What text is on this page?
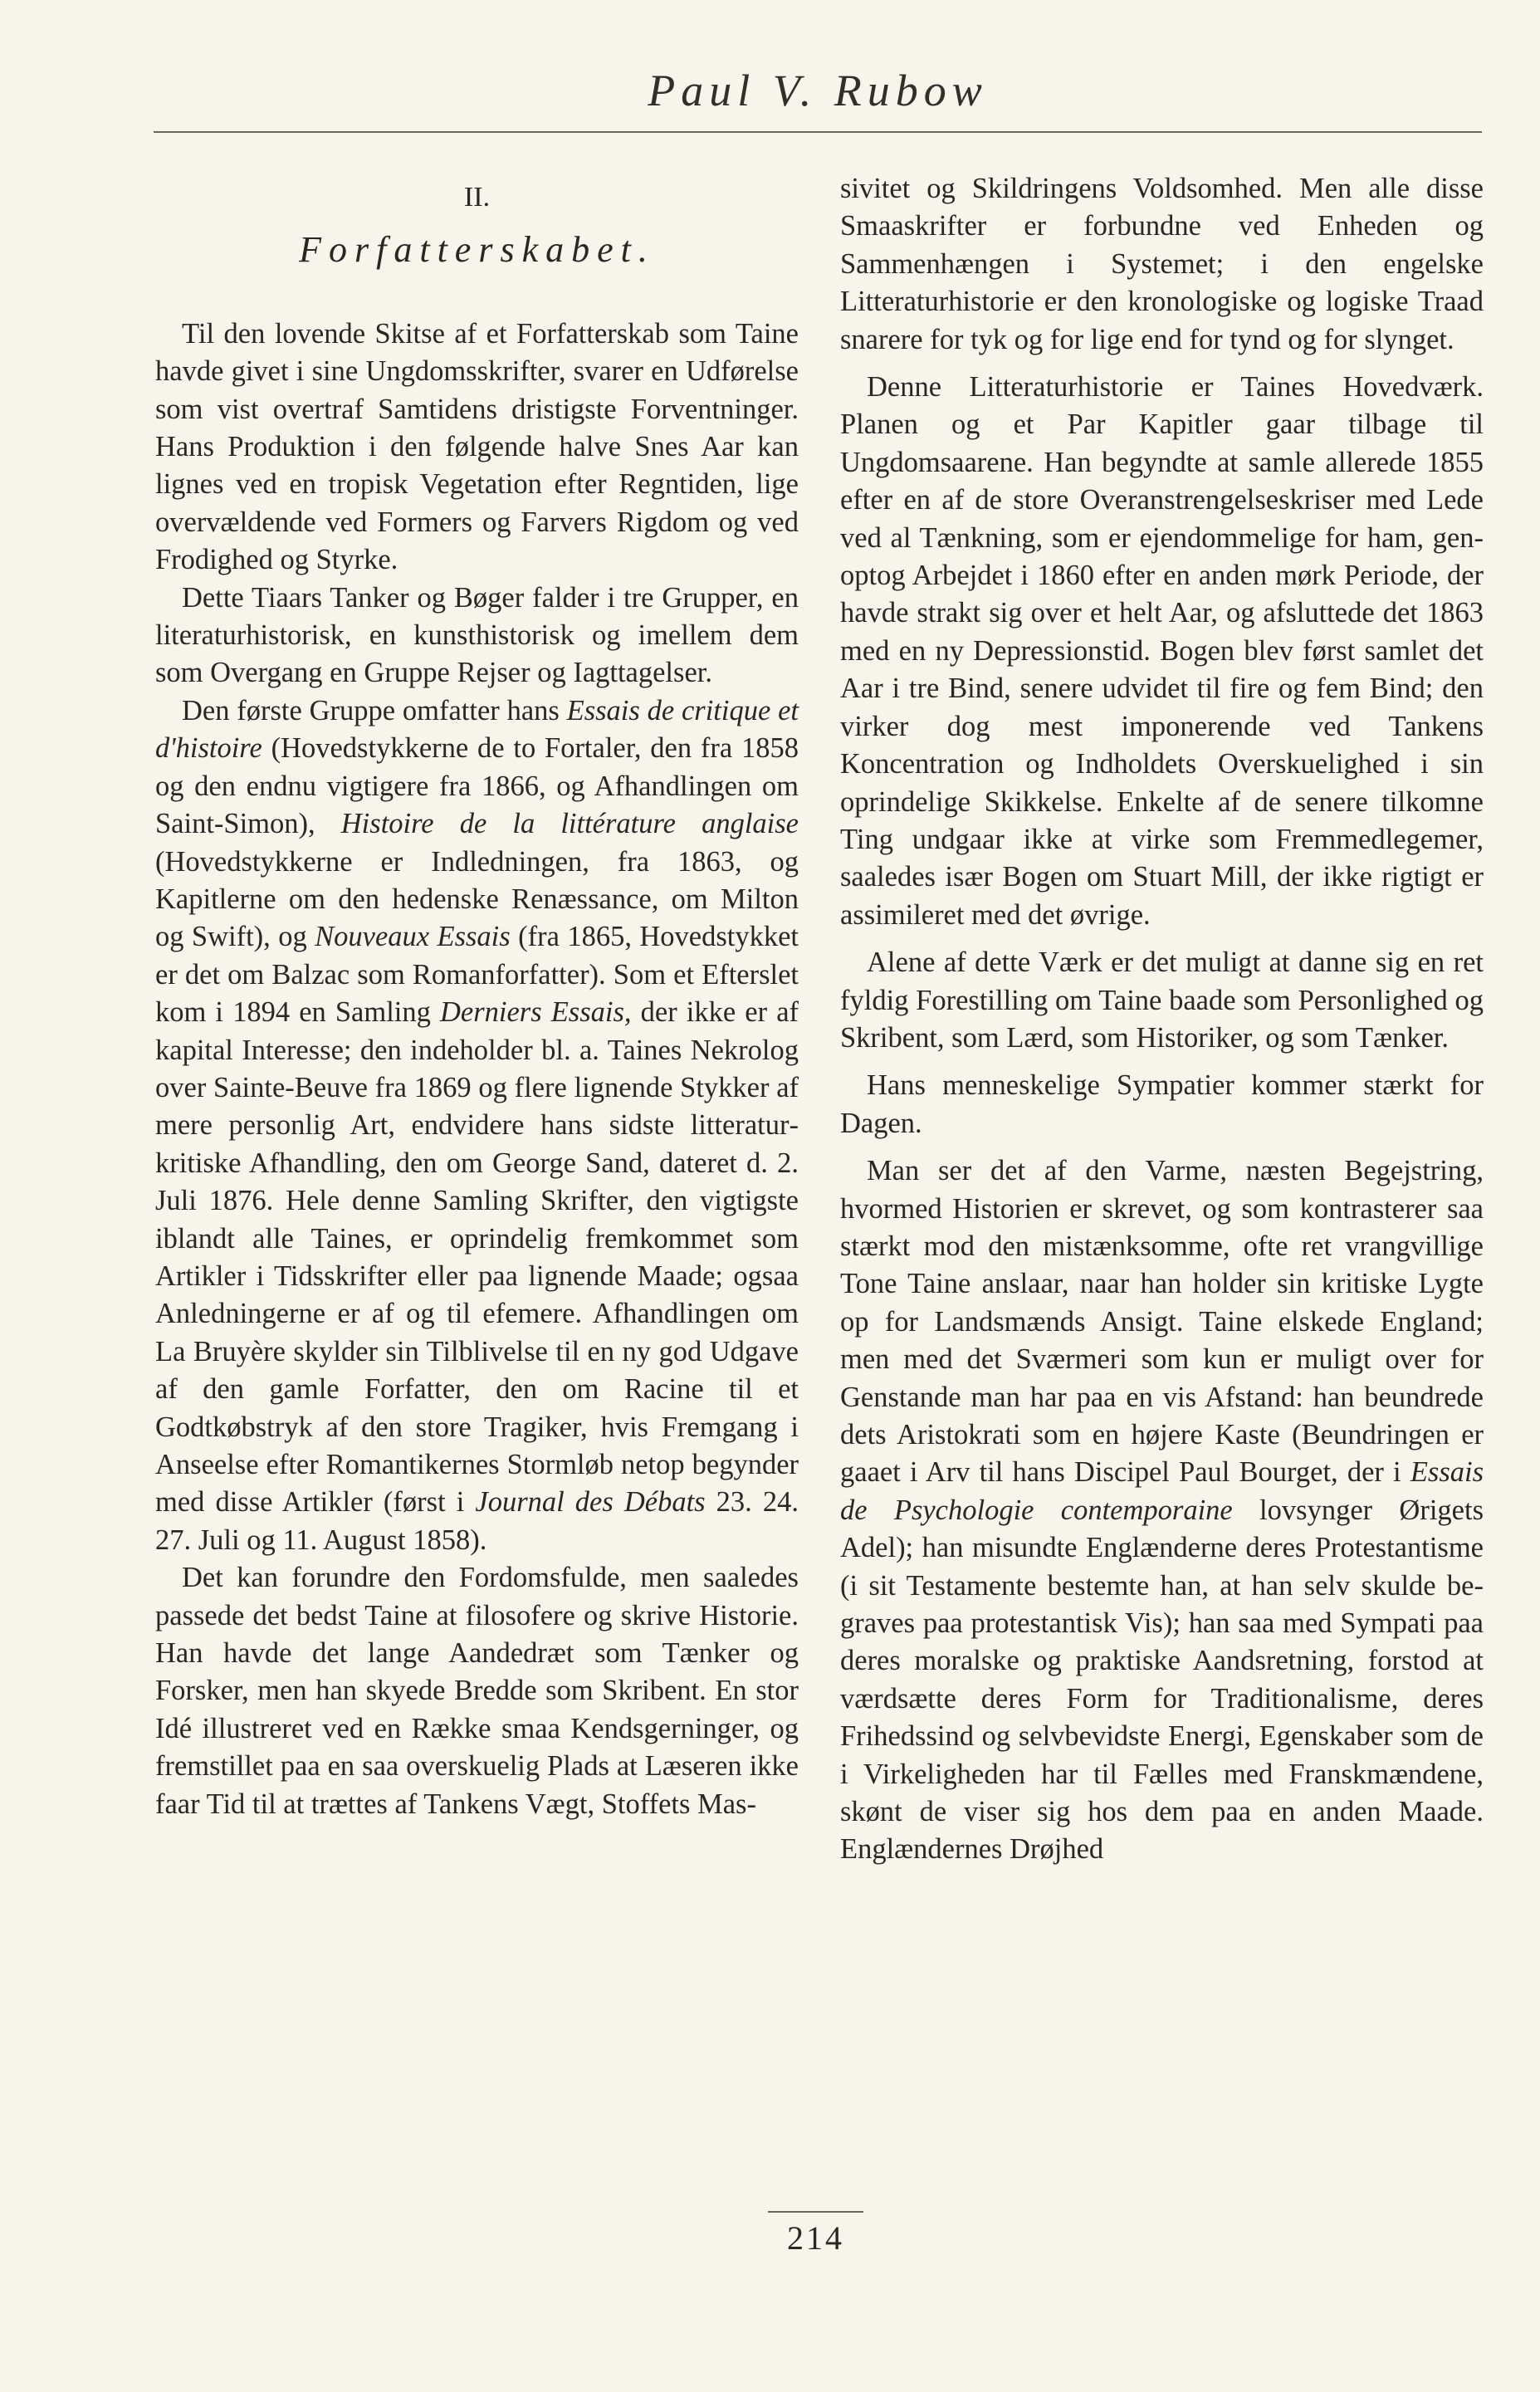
Paul V. Rubow
II.
Forfatterskabet.

Til den lovende Skitse af et Forfatterskab som Taine havde givet i sine Ungdomsskrifter, svarer en Udførelse som vist overtraf Samtidens dristigste Forventninger. Hans Produktion i den følgende halve Snes Aar kan lignes ved en tropisk Vegetation efter Regntiden, lige overvældende ved Formers og Farvers Rigdom og ved Frodighed og Styrke.

Dette Tiaars Tanker og Bøger falder i tre Grupper, en literaturhistorisk, en kunsthistorisk og imellem dem som Overgang en Gruppe Rejser og Iagttagelser.

Den første Gruppe omfatter hans Essais de critique et d'histoire (Hovedstykkerne de to Fortaler, den fra 1858 og den endnu vigtigere fra 1866, og Afhandlingen om Saint-Simon), Histoire de la littérature anglaise (Hovedstykkerne er Indledningen, fra 1863, og Kapitlerne om den hedenske Renæssance, om Milton og Swift), og Nouveaux Essais (fra 1865, Hovedstykket er det om Balzac som Romanforfatter). Som et Efterslet kom i 1894 en Samling Derniers Essais, der ikke er af kapital Interesse; den indeholder bl. a. Taines Nekrolog over Sainte-Beuve fra 1869 og flere lignende Stykker af mere personlig Art, endvidere hans sidste litteraturkritiske Afhandling, den om George Sand, dateret d. 2. Juli 1876. Hele denne Samling Skrifter, den vigtigste iblandt alle Taines, er oprindelig fremkommet som Artikler i Tidsskrifter eller paa lignende Maade; ogsaa Anledningerne er af og til efemere. Afhandlingen om La Bruyère skylder sin Tilblivelse til en ny god Udgave af den gamle Forfatter, den om Racine til et Godtkøbstryk af den store Tragiker, hvis Fremgang i Anseelse efter Romantikernes Stormløb netop begynder med disse Artikler (først i Journal des Débats 23. 24. 27. Juli og 11. August 1858).

Det kan forundre den Fordomsfulde, men saaledes passede det bedst Taine at filosofere og skrive Historie. Han havde det lange Aandedræt som Tænker og Forsker, men han skyede Bredde som Skribent. En stor Idé illustreret ved en Række smaa Kendsgerninger, og fremstillet paa en saa overskuelig Plads at Læseren ikke faar Tid til at trættes af Tankens Vægt, Stoffets Mas-

sivitet og Skildringens Voldsomhed. Men alle disse Smaaskrifter er forbundne ved Enheden og Sammenhængen i Systemet; i den engelske Litteraturhistorie er den kronologiske og logiske Traad snarere for tyk og for lige end for tynd og for slynget.

Denne Litteraturhistorie er Taines Hovedværk. Planen og et Par Kapitler gaar tilbage til Ungdomsaarene. Han begyndte at samle allerede 1855 efter en af de store Overanstrengelseskriser med Lede ved al Tænkning, som er ejendommelige for ham, genoptog Arbejdet i 1860 efter en anden mørk Periode, der havde strakt sig over et helt Aar, og afsluttede det 1863 med en ny Depressionstid. Bogen blev først samlet det Aar i tre Bind, senere udvidet til fire og fem Bind; den virker dog mest imponerende ved Tankens Koncentration og Indholdets Overskuelighed i sin oprindelige Skikkelse. Enkelte af de senere tilkomne Ting undgaar ikke at virke som Fremmedlegemer, saaledes især Bogen om Stuart Mill, der ikke rigtigt er assimileret med det øvrige.

Alene af dette Værk er det muligt at danne sig en ret fyldig Forestilling om Taine baade som Personlighed og Skribent, som Lærd, som Historiker, og som Tænker.

Hans menneskelige Sympatier kommer stærkt for Dagen.

Man ser det af den Varme, næsten Begejstring, hvormed Historien er skrevet, og som kontrasterer saa stærkt mod den mistænksomme, ofte ret vrangvillige Tone Taine anslaar, naar han holder sin kritiske Lygte op for Landsmænds Ansigt. Taine elskede England; men med det Sværmeri som kun er muligt over for Genstande man har paa en vis Afstand: han beundrede dets Aristokrati som en højere Kaste (Beundringen er gaaet i Arv til hans Discipel Paul Bourget, der i Essais de Psychologie contemporaine lovsynger Ørigets Adel); han misundte Englænderne deres Protestantisme (i sit Testamente bestemte han, at han selv skulde begraves paa protestantisk Vis); han saa med Sympati paa deres moralske og praktiske Aandsretning, forstod at værdsætte deres Form for Traditionalisme, deres Frihedssind og selvbevidste Energi, Egenskaber som de i Virkeligheden har til Fælles med Franskmændene, skønt de viser sig hos dem paa en anden Maade. Englændernes Drøjhed

214
